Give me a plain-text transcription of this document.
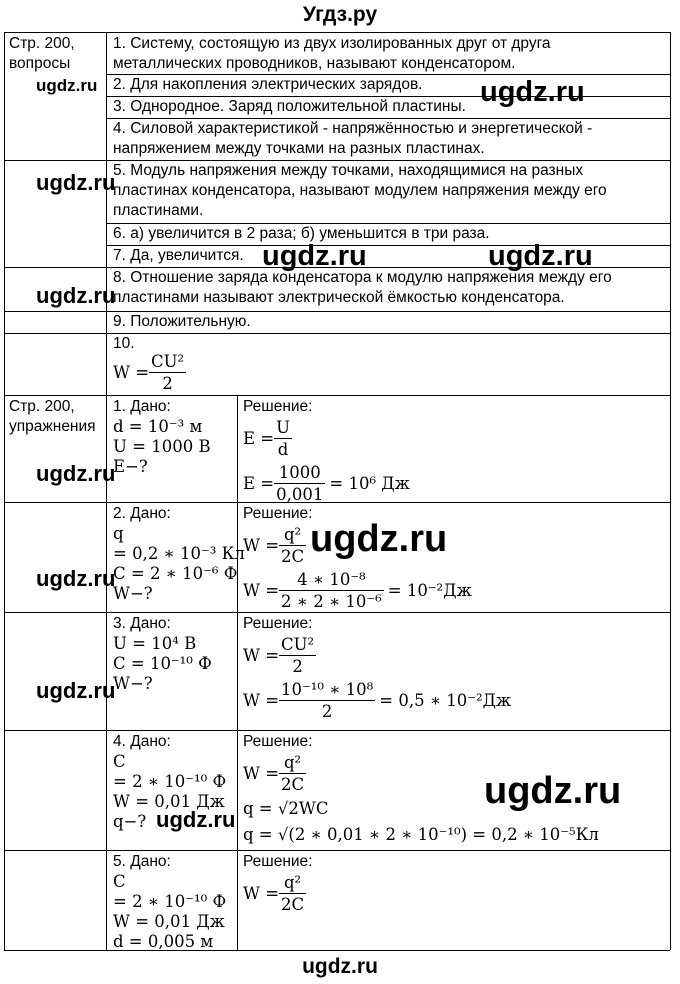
Угдз.ру
Стр. 200,
вопросы
1. Систему, состоящую из двух изолированных друг от друга металлических проводников, называют конденсатором.
2. Для накопления электрических зарядов.
3. Однородное. Заряд положительной пластины.
4. Силовой характеристикой - напряжённостью и энергетической - напряжением между точками на разных пластинах.
5. Модуль напряжения между точками, находящимися на разных пластинах конденсатора, называют модулем напряжения между его пластинами.
6. а) увеличится в 2 раза; б) уменьшится в три раза.
7. Да, увеличится.
8. Отношение заряда конденсатора к модулю напряжения между его пластинами называют электрической ёмкостью конденсатора.
9. Положительную.
10.
$W = \frac{\text{CU²}}{2}$
Стр. 200,
упражнения
1. Дано:
d = 10⁻³ м
U = 1000 В
E−?
Решение:
$E = \frac{U}{d}$
$E = \frac{1000}{0,001} = 10^6$ Дж
2. Дано:
q
= 0,2 ∗ 10⁻³ Кл
C = 2 ∗ 10⁻⁶ Ф
W−?
Решение:
$W = \frac{\text{q²}}{2C}$
$W = \frac{\text{4 ∗ 10⁻⁸}}{\text{2 ∗ 2 ∗ 10⁻⁶}} = 10^{-2}Дж$
3. Дано:
U = 10⁴ В
C = 10⁻¹⁰ Ф
W−?
Решение:
$W = \frac{\text{CU²}}{2}$
$W = \frac{\text{10⁻¹⁰ ∗ 10⁸}}{2} = 0,5$ ∗ 10⁻²Дж
4. Дано:
C
= 2 ∗ 10⁻¹⁰ Ф
W = 0,01 Дж
q−?
Решение:
$W = \frac{\text{q²}}{2C}$
q = √2WC
q = √(2 ∗ 0,01 ∗ 2 ∗ 10⁻¹⁰) = 0,2 ∗ 10⁻⁵Кл
5. Дано:
C
= 2 ∗ 10⁻¹⁰ Ф
W = 0,01 Дж
d = 0,005 м
Решение:
$W = \frac{\text{q²}}{2C}$
ugdz.ru	ugdz.ru
ugdz.ru
ugdz.ru	ugdz.ru
ugdz.ru
ugdz.ru
ugdz.ru
ugdz.ru
ugdz.ru
ugdz.ru
ugdz.ru
ugdz.ru
